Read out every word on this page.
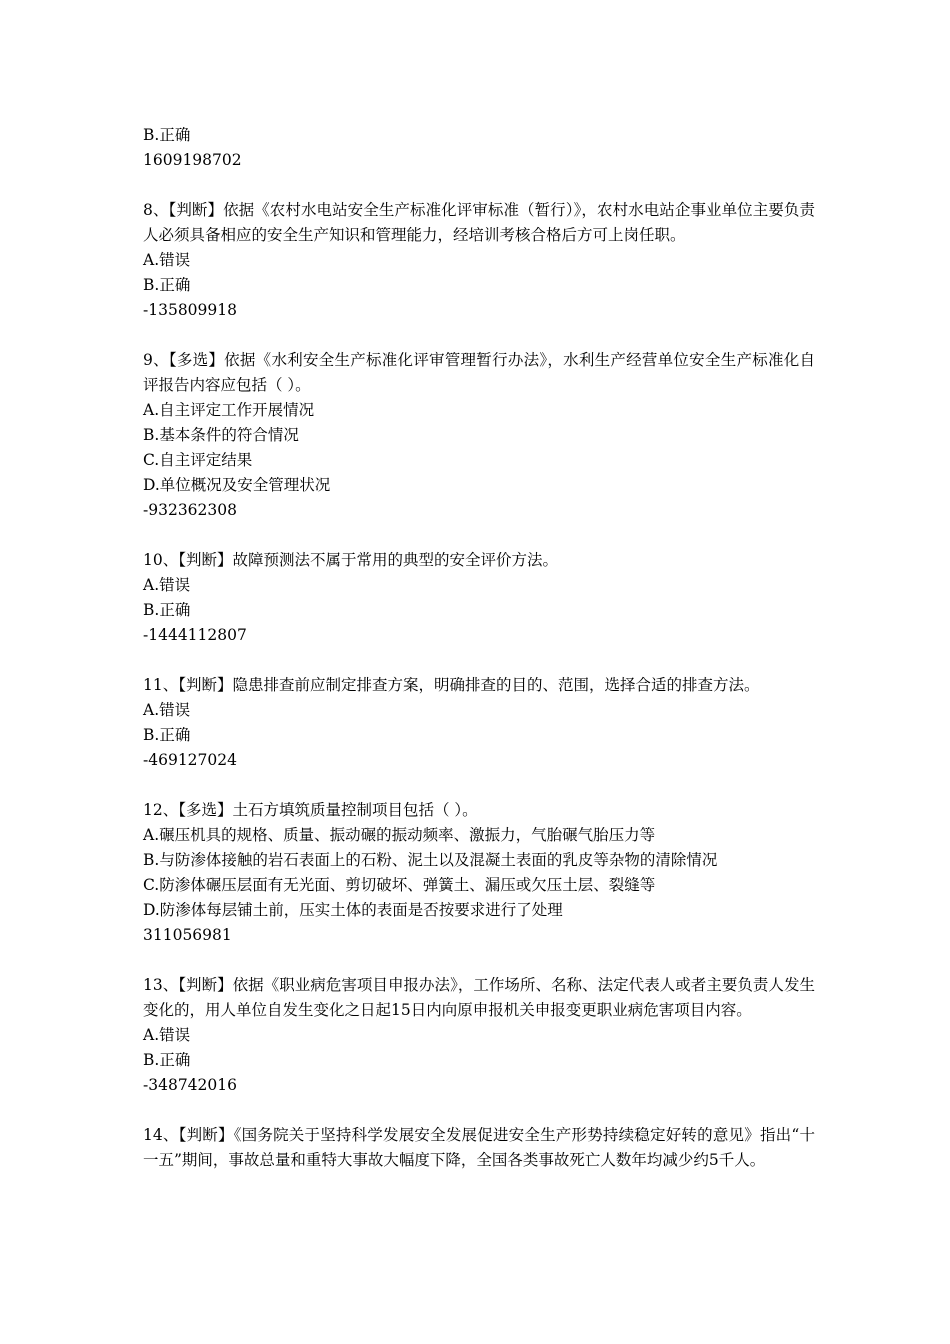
B.正确
1609198702
8、【判断】依据《农村水电站安全生产标准化评审标准（暂行）》，农村水电站企事业单位主要负责人必须具备相应的安全生产知识和管理能力，经培训考核合格后方可上岗任职。
A.错误
B.正确
-135809918
9、【多选】依据《水利安全生产标准化评审管理暂行办法》，水利生产经营单位安全生产标准化自评报告内容应包括（ ）。
A.自主评定工作开展情况
B.基本条件的符合情况
C.自主评定结果
D.单位概况及安全管理状况
-932362308
10、【判断】故障预测法不属于常用的典型的安全评价方法。
A.错误
B.正确
-1444112807
11、【判断】隐患排查前应制定排查方案，明确排查的目的、范围，选择合适的排查方法。
A.错误
B.正确
-469127024
12、【多选】土石方填筑质量控制项目包括（ ）。
A.碾压机具的规格、质量、振动碾的振动频率、激振力，气胎碾气胎压力等
B.与防渗体接触的岩石表面上的石粉、泥土以及混凝土表面的乳皮等杂物的清除情况
C.防渗体碾压层面有无光面、剪切破坏、弹簧土、漏压或欠压土层、裂缝等
D.防渗体每层铺土前，压实土体的表面是否按要求进行了处理
311056981
13、【判断】依据《职业病危害项目申报办法》，工作场所、名称、法定代表人或者主要负责人发生变化的，用人单位自发生变化之日起15日内向原申报机关申报变更职业病危害项目内容。
A.错误
B.正确
-348742016
14、【判断】《国务院关于坚持科学发展安全发展促进安全生产形势持续稳定好转的意见》指出“十一五”期间，事故总量和重特大事故大幅度下降，全国各类事故死亡人数年均减少约5千人。
